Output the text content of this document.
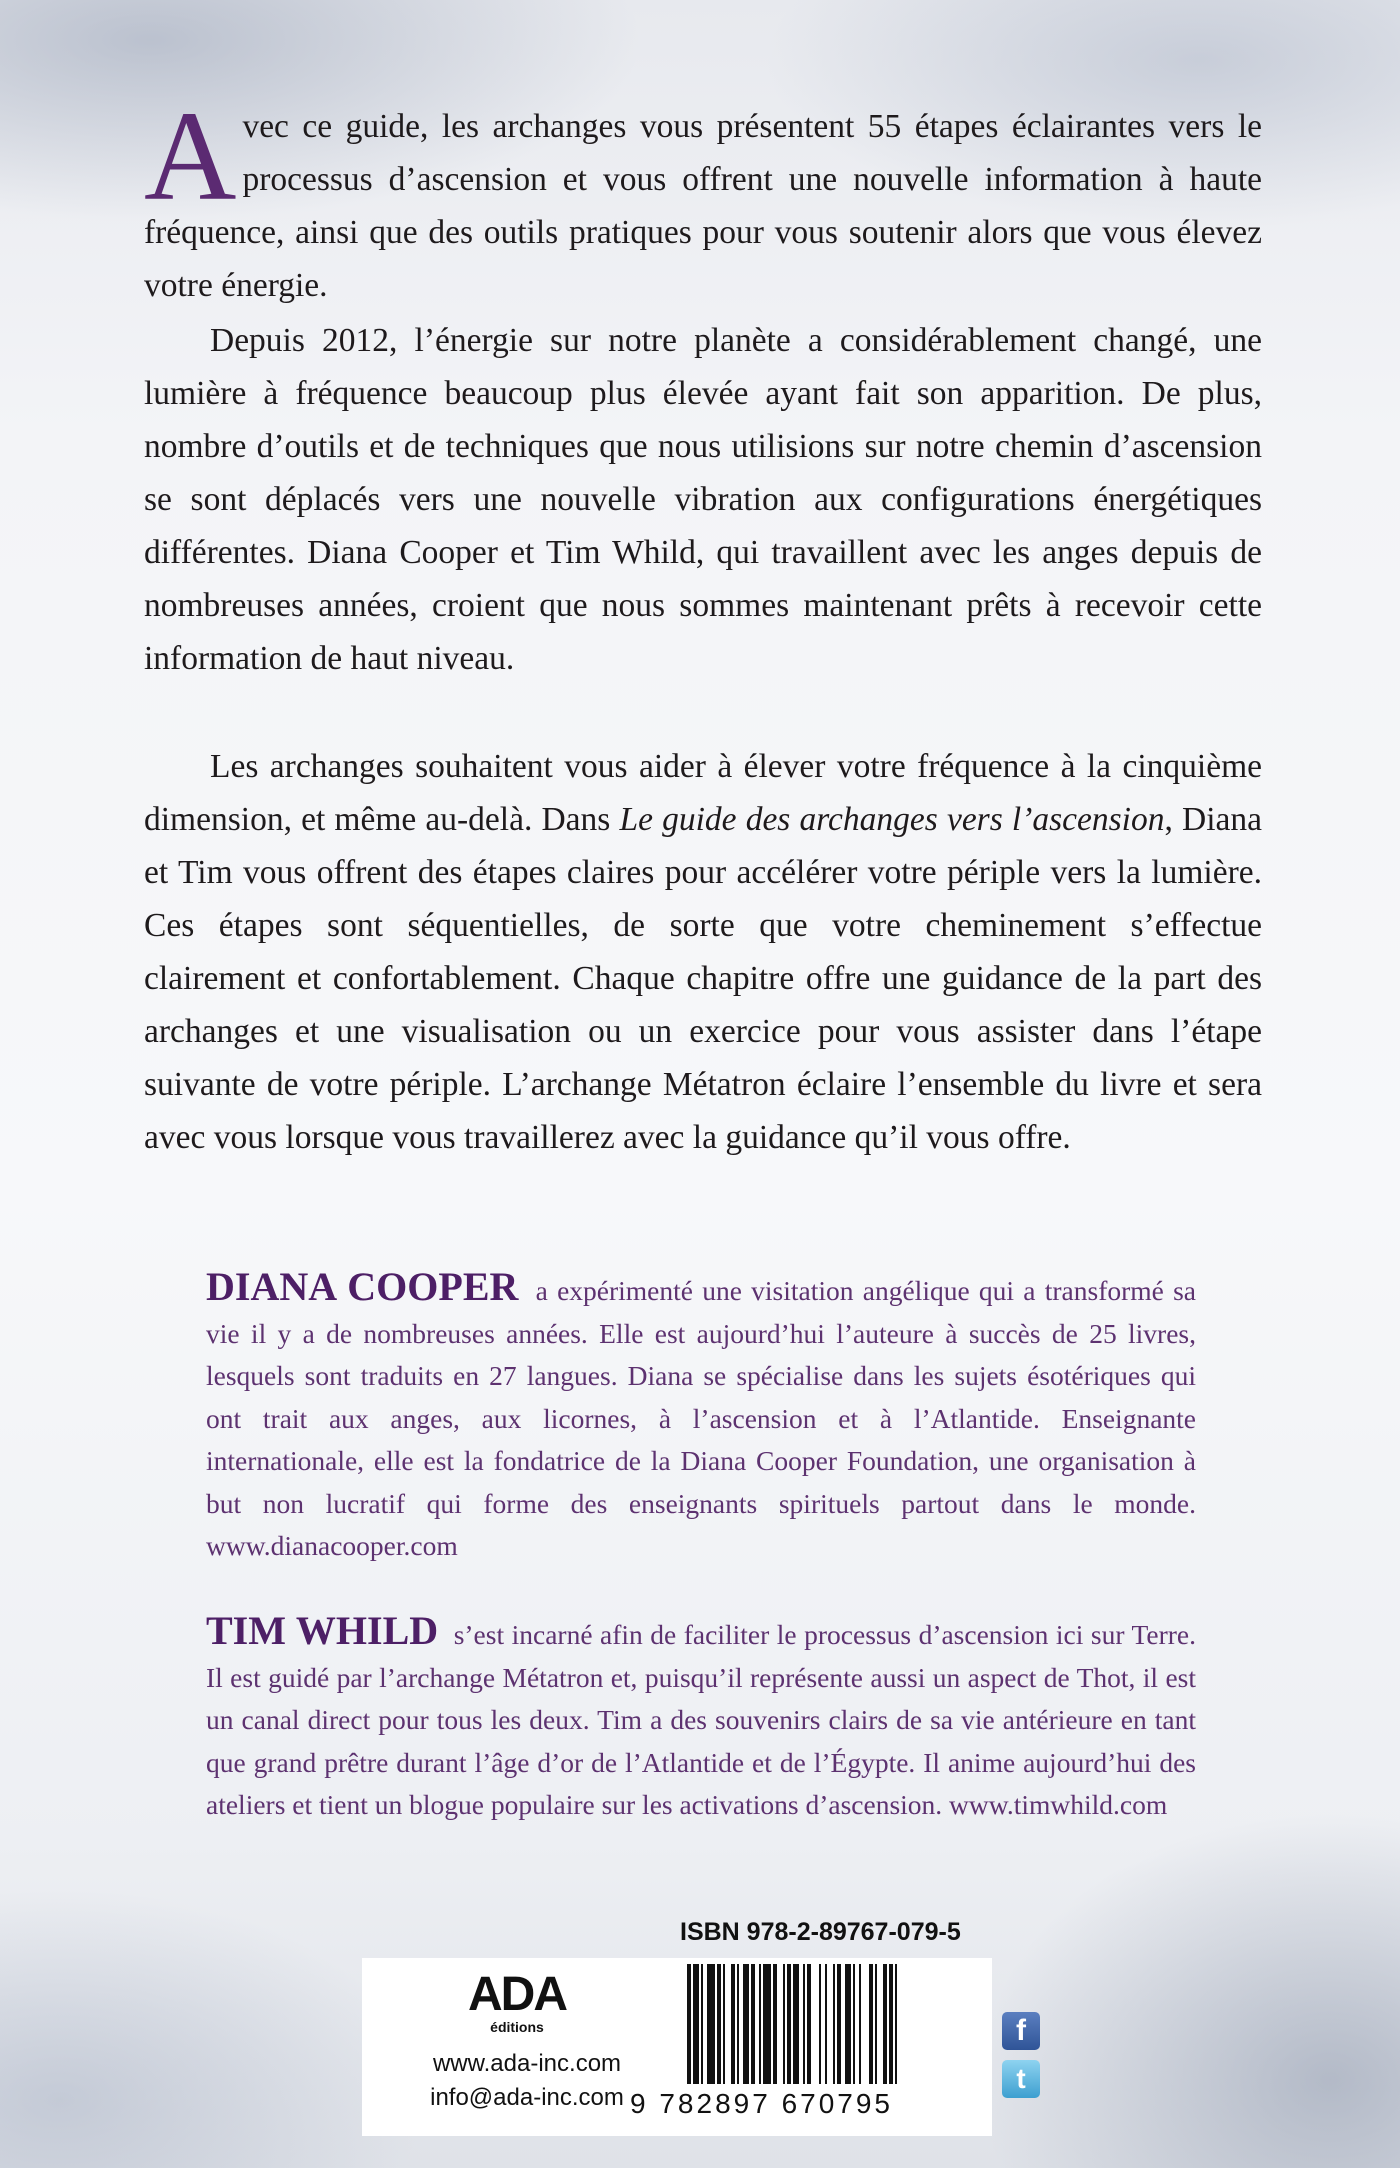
Avec ce guide, les archanges vous présentent 55 étapes éclairantes vers le processus d’ascension et vous offrent une nouvelle information à haute fréquence, ainsi que des outils pratiques pour vous soutenir alors que vous élevez votre énergie.

Depuis 2012, l’énergie sur notre planète a considérablement changé, une lumière à fréquence beaucoup plus élevée ayant fait son apparition. De plus, nombre d’outils et de techniques que nous utilisions sur notre chemin d’ascension se sont déplacés vers une nouvelle vibration aux configurations énergétiques différentes. Diana Cooper et Tim Whild, qui travaillent avec les anges depuis de nombreuses années, croient que nous sommes maintenant prêts à recevoir cette information de haut niveau.

Les archanges souhaitent vous aider à élever votre fréquence à la cinquième dimension, et même au-delà. Dans Le guide des archanges vers l’ascension, Diana et Tim vous offrent des étapes claires pour accélérer votre périple vers la lumière. Ces étapes sont séquentielles, de sorte que votre cheminement s’effectue clairement et confortablement. Chaque chapitre offre une guidance de la part des archanges et une visualisation ou un exercice pour vous assister dans l’étape suivante de votre périple. L’archange Métatron éclaire l’ensemble du livre et sera avec vous lorsque vous travaillerez avec la guidance qu’il vous offre.

DIANA COOPER a expérimenté une visitation angélique qui a transformé sa vie il y a de nombreuses années. Elle est aujourd’hui l’auteure à succès de 25 livres, lesquels sont traduits en 27 langues. Diana se spécialise dans les sujets ésotériques qui ont trait aux anges, aux licornes, à l’ascension et à l’Atlantide. Enseignante internationale, elle est la fondatrice de la Diana Cooper Foundation, une organisation à but non lucratif qui forme des enseignants spirituels partout dans le monde. www.dianacooper.com

TIM WHILD s’est incarné afin de faciliter le processus d’ascension ici sur Terre. Il est guidé par l’archange Métatron et, puisqu’il représente aussi un aspect de Thot, il est un canal direct pour tous les deux. Tim a des souvenirs clairs de sa vie antérieure en tant que grand prêtre durant l’âge d’or de l’Atlantide et de l’Égypte. Il anime aujourd’hui des ateliers et tient un blogue populaire sur les activations d’ascension. www.timwhild.com

ISBN 978-2-89767-079-5
ADA
éditions
www.ada-inc.com
info@ada-inc.com 9 782897 670795
f
t
